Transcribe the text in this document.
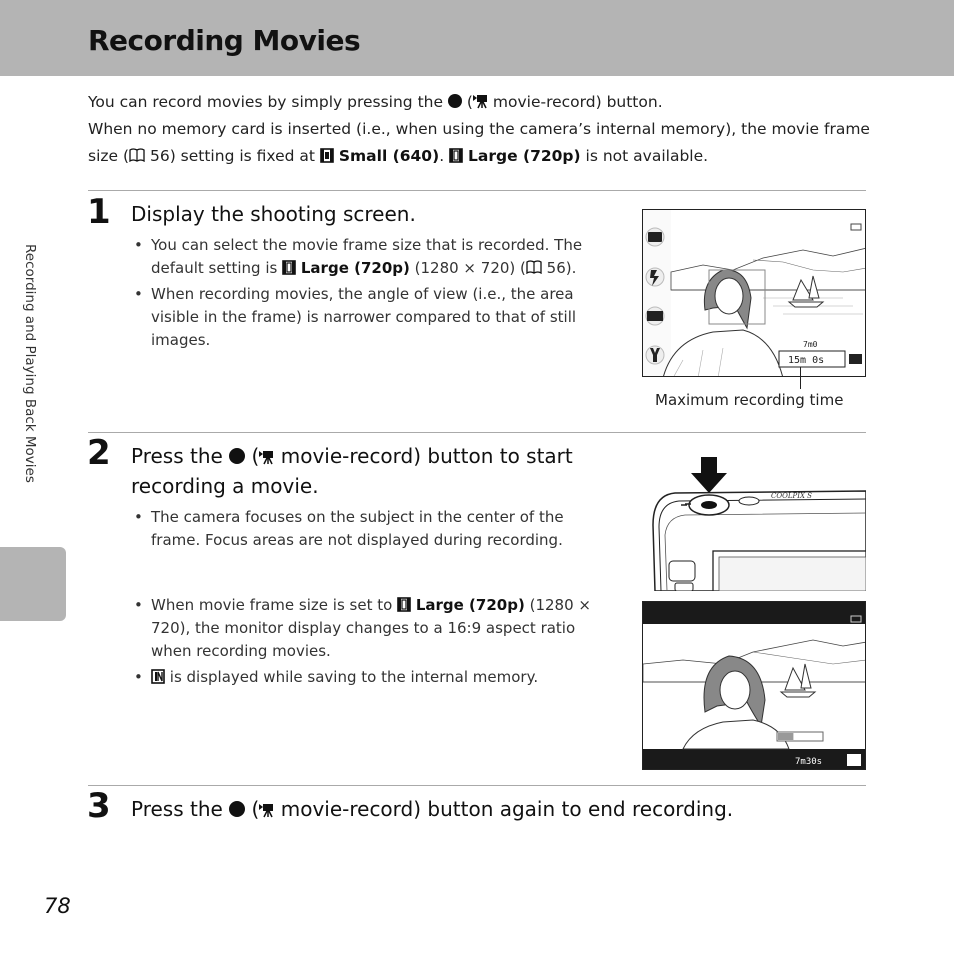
Recording Movies
Recording and Playing Back Movies

You can record movies by simply pressing the ( movie-record) button.

When no memory card is inserted (i.e., when using the camera’s internal memory), the movie frame size ( 56) setting is fixed at Small (640). Large (720p) is not available.

1 Display the shooting screen.
• You can select the movie frame size that is recorded. The default setting is Large (720p) (1280 × 720) ( 56).
• When recording movies, the angle of view (i.e., the area visible in the frame) is narrower compared to that of still images.	7m0
15m 0s
Maximum recording time
2 Press the ( movie-record) button to start recording a movie.
• The camera focuses on the subject in the center of the frame. Focus areas are not displayed during recording.
• When movie frame size is set to Large (720p) (1280 × 720), the monitor display changes to a 16:9 aspect ratio when recording movies.
• is displayed while saving to the internal memory.
COOLPIX S
7m30s
3 Press the ( movie-record) button again to end recording.
78
